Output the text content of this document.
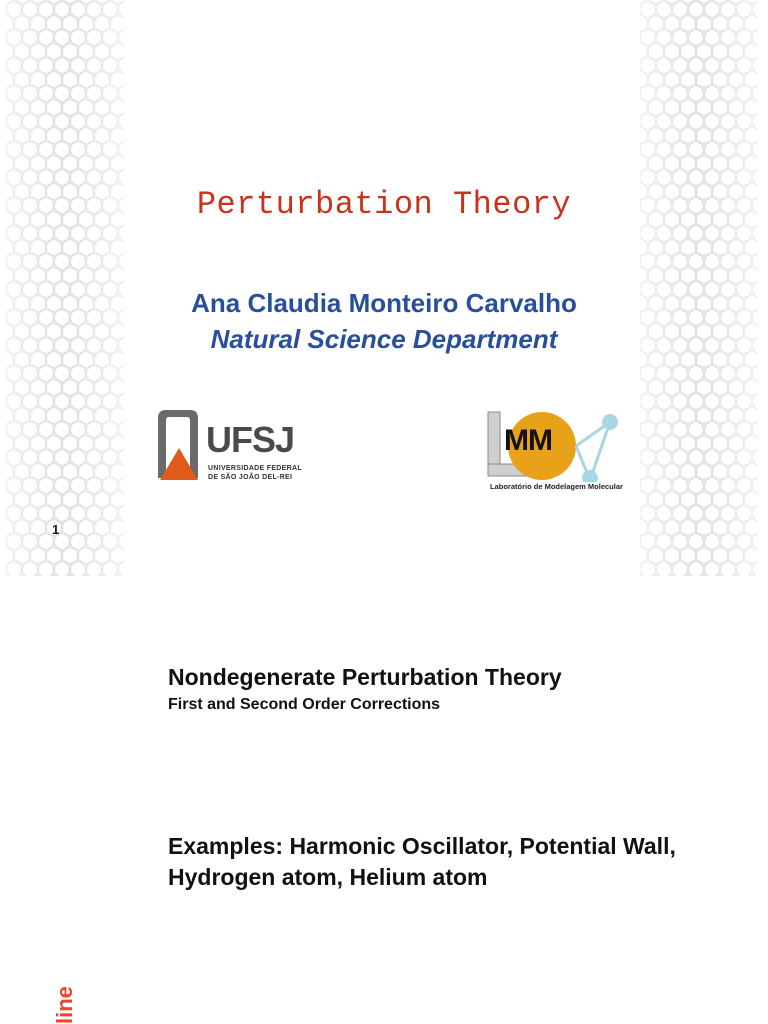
Perturbation Theory
Ana Claudia Monteiro Carvalho
Natural Science Department
UFSJ
UNIVERSIDADE FEDERAL
DE SÃO JOÃO DEL-REI
MM
Laboratório de Modelagem Molecular
1
Nondegenerate Perturbation Theory
First and Second Order Corrections
Examples: Harmonic Oscillator, Potential Wall, Hydrogen atom, Helium atom
line
